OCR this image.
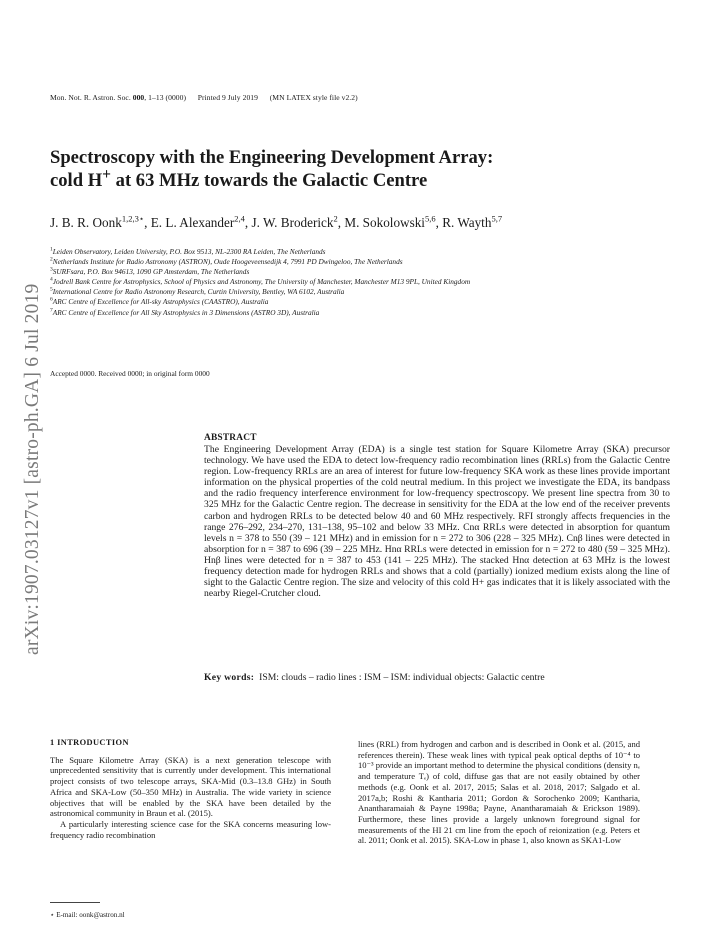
Mon. Not. R. Astron. Soc. 000, 1–13 (0000) Printed 9 July 2019 (MN LATEX style file v2.2)
Spectroscopy with the Engineering Development Array:
cold H+ at 63 MHz towards the Galactic Centre
arXiv:1907.03127v1 [astro-ph.GA] 6 Jul 2019
J. B. R. Oonk$^{1,2,3⋆}$, E. L. Alexander$^{2,4}$, J. W. Broderick$^2$, M. Sokolowski$^{5,6}$, R. Wayth$^{5,7}$
$^1$Leiden Observatory, Leiden University, P.O. Box 9513, NL-2300 RA Leiden, The Netherlands
$^2$Netherlands Institute for Radio Astronomy (ASTRON), Oude Hoogeveensedijk 4, 7991 PD Dwingeloo, The Netherlands
$^3$SURFsara, P.O. Box 94613, 1090 GP Amsterdam, The Netherlands
$^4$Jodrell Bank Centre for Astrophysics, School of Physics and Astronomy, The University of Manchester, Manchester M13 9PL, United Kingdom
$^5$International Centre for Radio Astronomy Research, Curtin University, Bentley, WA 6102, Australia
$^6$ARC Centre of Excellence for All-sky Astrophysics (CAASTRO), Australia
$^7$ARC Centre of Excellence for All Sky Astrophysics in 3 Dimensions (ASTRO 3D), Australia
Accepted 0000. Received 0000; in original form 0000
ABSTRACT

The Engineering Development Array (EDA) is a single test station for Square Kilometre Array (SKA) precursor technology. We have used the EDA to detect low-frequency radio recombination lines (RRLs) from the Galactic Centre region. Low-frequency RRLs are an area of interest for future low-frequency SKA work as these lines provide important information on the physical properties of the cold neutral medium. In this project we investigate the EDA, its bandpass and the radio frequency interference environment for low-frequency spectroscopy. We present line spectra from 30 to 325 MHz for the Galactic Centre region. The decrease in sensitivity for the EDA at the low end of the receiver prevents carbon and hydrogen RRLs to be detected below 40 and 60 MHz respectively. RFI strongly affects frequencies in the range 276–292, 234–270, 131–138, 95–102 and below 33 MHz. Cnα RRLs were detected in absorption for quantum levels n = 378 to 550 (39 – 121 MHz) and in emission for n = 272 to 306 (228 – 325 MHz). Cnβ lines were detected in absorption for n = 387 to 696 (39 – 225 MHz. Hnα RRLs were detected in emission for n = 272 to 480 (59 – 325 MHz). Hnβ lines were detected for n = 387 to 453 (141 – 225 MHz). The stacked Hnα detection at 63 MHz is the lowest frequency detection made for hydrogen RRLs and shows that a cold (partially) ionized medium exists along the line of sight to the Galactic Centre region. The size and velocity of this cold H+ gas indicates that it is likely associated with the nearby Riegel-Crutcher cloud.

Key words: ISM: clouds – radio lines : ISM – ISM: individual objects: Galactic centre
1 INTRODUCTION

The Square Kilometre Array (SKA) is a next generation telescope with unprecedented sensitivity that is currently under development. This international project consists of two telescope arrays, SKA-Mid (0.3–13.8 GHz) in South Africa and SKA-Low (50–350 MHz) in Australia. The wide variety in science objectives that will be enabled by the SKA have been detailed by the astronomical community in Braun et al. (2015).

A particularly interesting science case for the SKA concerns measuring low-frequency radio recombination

lines (RRL) from hydrogen and carbon and is described in Oonk et al. (2015, and references therein). These weak lines with typical peak optical depths of 10⁻⁴ to 10⁻³ provide an important method to determine the physical conditions (density nₑ and temperature Tₑ) of cold, diffuse gas that are not easily obtained by other methods (e.g. Oonk et al. 2017, 2015; Salas et al. 2018, 2017; Salgado et al. 2017a,b; Roshi & Kantharia 2011; Gordon & Sorochenko 2009; Kantharia, Anantharamaiah & Payne 1998a; Payne, Anantharamaiah & Erickson 1989). Furthermore, these lines provide a largely unknown foreground signal for measurements of the HI 21 cm line from the epoch of reionization (e.g. Peters et al. 2011; Oonk et al. 2015). SKA-Low in phase 1, also known as SKA1-Low

⋆ E-mail: oonk@astron.nl
